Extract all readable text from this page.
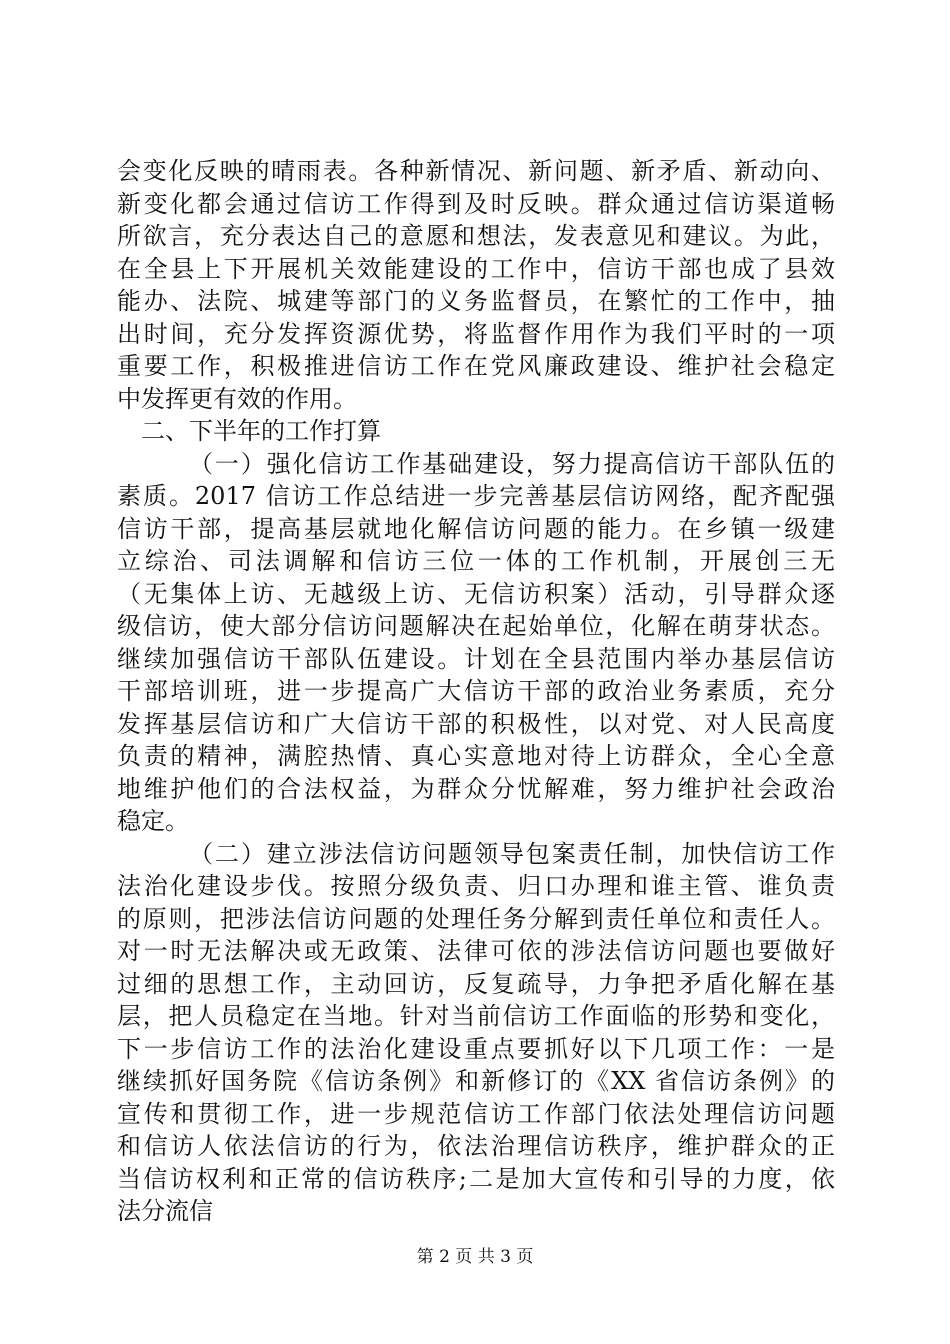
会变化反映的晴雨表。各种新情况、新问题、新矛盾、新动向、
新变化都会通过信访工作得到及时反映。群众通过信访渠道畅
所欲言，充分表达自己的意愿和想法，发表意见和建议。为此，
在全县上下开展机关效能建设的工作中，信访干部也成了县效
能办、法院、城建等部门的义务监督员，在繁忙的工作中，抽
出时间，充分发挥资源优势，将监督作用作为我们平时的一项
重要工作，积极推进信访工作在党风廉政建设、维护社会稳定
中发挥更有效的作用。
二、下半年的工作打算
（一）强化信访工作基础建设，努力提高信访干部队伍的
素质。2017 信访工作总结进一步完善基层信访网络，配齐配强
信访干部，提高基层就地化解信访问题的能力。在乡镇一级建
立综治、司法调解和信访三位一体的工作机制，开展创三无
（无集体上访、无越级上访、无信访积案）活动，引导群众逐
级信访，使大部分信访问题解决在起始单位，化解在萌芽状态。
继续加强信访干部队伍建设。计划在全县范围内举办基层信访
干部培训班，进一步提高广大信访干部的政治业务素质，充分
发挥基层信访和广大信访干部的积极性，以对党、对人民高度
负责的精神，满腔热情、真心实意地对待上访群众，全心全意
地维护他们的合法权益，为群众分忧解难，努力维护社会政治
稳定。
（二）建立涉法信访问题领导包案责任制，加快信访工作
法治化建设步伐。按照分级负责、归口办理和谁主管、谁负责
的原则，把涉法信访问题的处理任务分解到责任单位和责任人。
对一时无法解决或无政策、法律可依的涉法信访问题也要做好
过细的思想工作，主动回访，反复疏导，力争把矛盾化解在基
层，把人员稳定在当地。针对当前信访工作面临的形势和变化，
下一步信访工作的法治化建设重点要抓好以下几项工作：一是
继续抓好国务院《信访条例》和新修订的《XX 省信访条例》的
宣传和贯彻工作，进一步规范信访工作部门依法处理信访问题
和信访人依法信访的行为，依法治理信访秩序，维护群众的正
当信访权利和正常的信访秩序;二是加大宣传和引导的力度，依
法分流信
第 2 页 共 3 页
